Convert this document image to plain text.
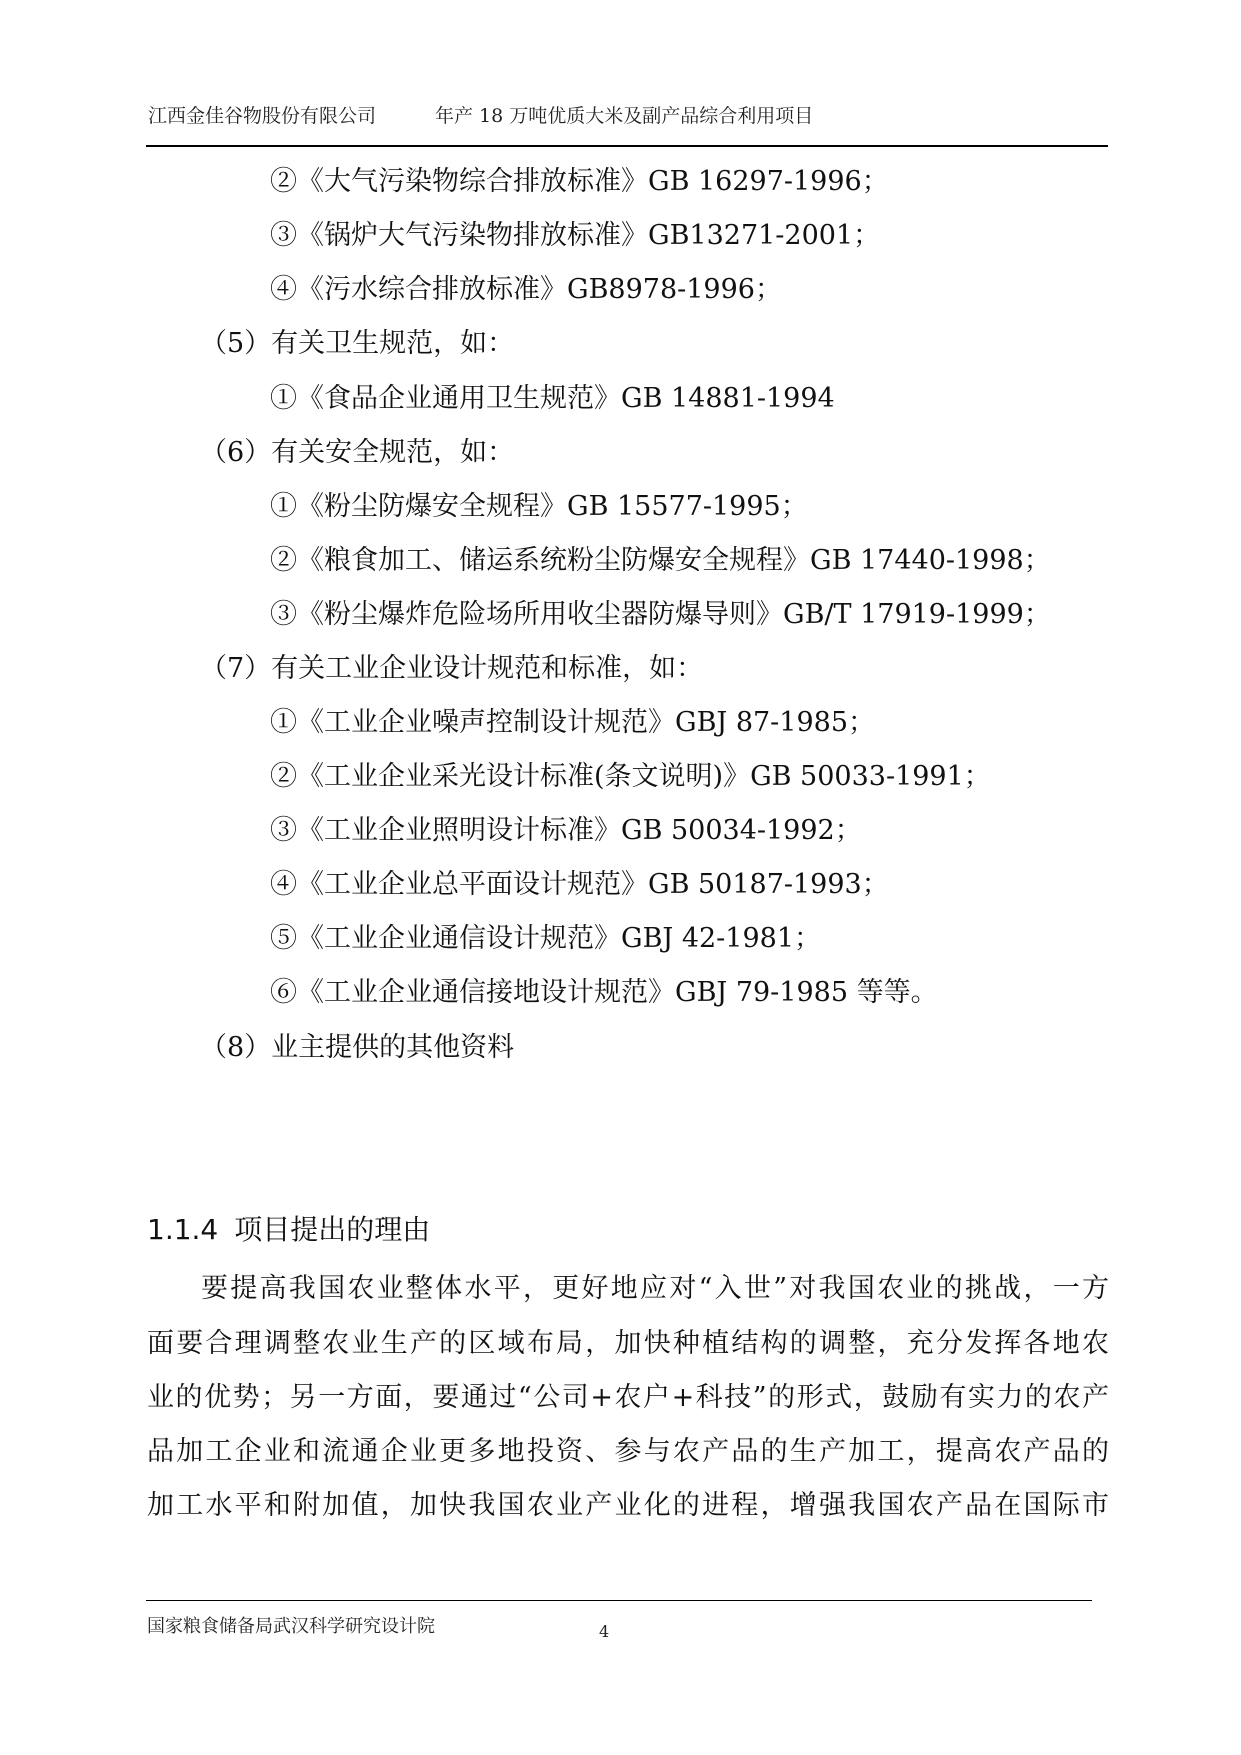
江西金佳谷物股份有限公司	年产 18 万吨优质大米及副产品综合利用项目
②《大气污染物综合排放标准》GB 16297-1996；
③《锅炉大气污染物排放标准》GB13271-2001；
④《污水综合排放标准》GB8978-1996；
（5）有关卫生规范，如：
①《食品企业通用卫生规范》GB 14881-1994
（6）有关安全规范，如：
①《粉尘防爆安全规程》GB 15577-1995；
②《粮食加工、储运系统粉尘防爆安全规程》GB 17440-1998；
③《粉尘爆炸危险场所用收尘器防爆导则》GB/T 17919-1999；
（7）有关工业企业设计规范和标准，如：
①《工业企业噪声控制设计规范》GBJ 87-1985；
②《工业企业采光设计标准(条文说明)》GB 50033-1991；
③《工业企业照明设计标准》GB 50034-1992；
④《工业企业总平面设计规范》GB 50187-1993；
⑤《工业企业通信设计规范》GBJ 42-1981；
⑥《工业企业通信接地设计规范》GBJ 79-1985 等等。
（8）业主提供的其他资料
1.1.4 项目提出的理由
要提高我国农业整体水平，更好地应对“入世”对我国农业的挑战，一方
面要合理调整农业生产的区域布局，加快种植结构的调整，充分发挥各地农
业的优势；另一方面，要通过“公司+农户+科技”的形式，鼓励有实力的农产
品加工企业和流通企业更多地投资、参与农产品的生产加工，提高农产品的
加工水平和附加值，加快我国农业产业化的进程，增强我国农产品在国际市
国家粮食储备局武汉科学研究设计院	4
